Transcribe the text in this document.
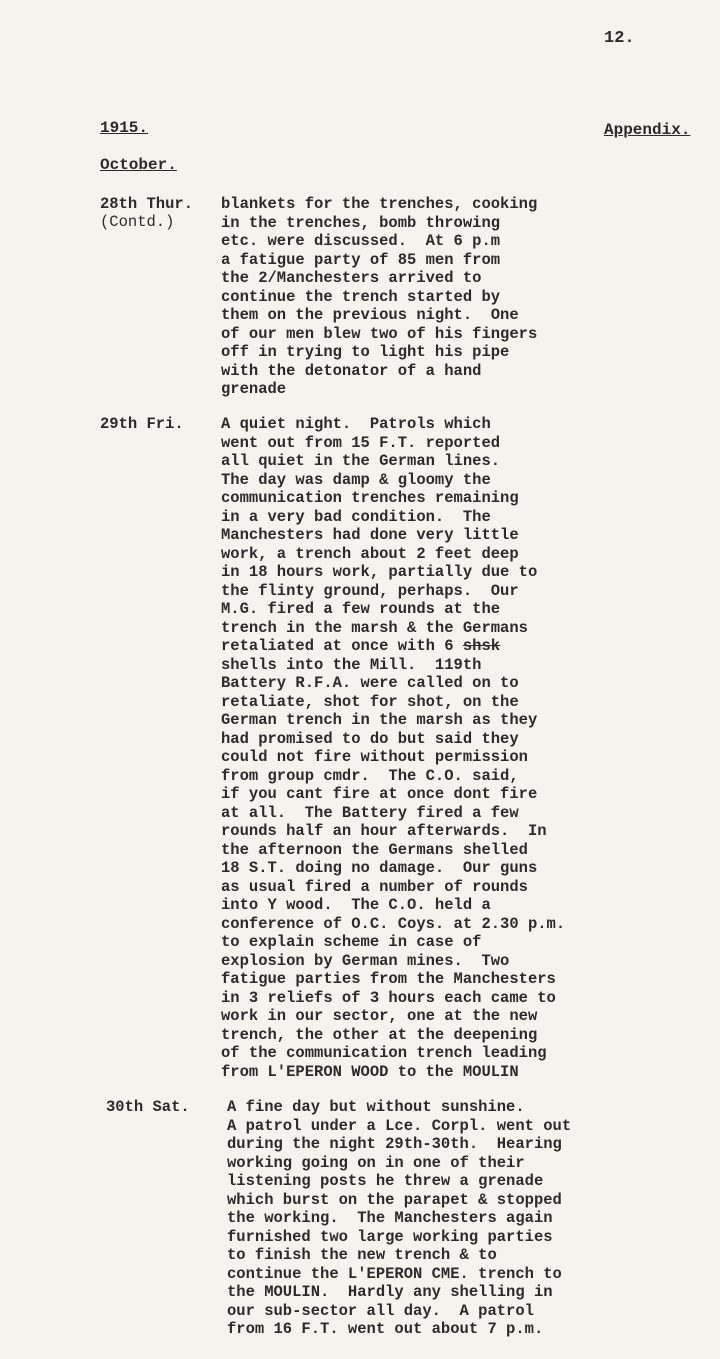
12.
1915.	Appendix.
October.
28th Thur.
(Contd.)
blankets for the trenches, cooking
in the trenches, bomb throwing
etc. were discussed.  At 6 p.m
a fatigue party of 85 men from
the 2/Manchesters arrived to
continue the trench started by
them on the previous night.  One
of our men blew two of his fingers
off in trying to light his pipe
with the detonator of a hand
grenade
29th Fri. A quiet night.  Patrols which
went out from 15 F.T. reported
all quiet in the German lines.
The day was damp & gloomy the
communication trenches remaining
in a very bad condition.  The
Manchesters had done very little
work, a trench about 2 feet deep
in 18 hours work, partially due to
the flinty ground, perhaps.  Our
M.G. fired a few rounds at the
trench in the marsh & the Germans
retaliated at once with 6 shsk
shells into the Mill.  119th
Battery R.F.A. were called on to
retaliate, shot for shot, on the
German trench in the marsh as they
had promised to do but said they
could not fire without permission
from group cmdr.  The C.O. said,
if you cant fire at once dont fire
at all.  The Battery fired a few
rounds half an hour afterwards.  In
the afternoon the Germans shelled
18 S.T. doing no damage.  Our guns
as usual fired a number of rounds
into Y wood.  The C.O. held a
conference of O.C. Coys. at 2.30 p.m.
to explain scheme in case of
explosion by German mines.  Two
fatigue parties from the Manchesters
in 3 reliefs of 3 hours each came to
work in our sector, one at the new
trench, the other at the deepening
of the communication trench leading
from L'EPERON WOOD to the MOULIN
30th Sat. A fine day but without sunshine.
A patrol under a Lce. Corpl. went out
during the night 29th-30th.  Hearing
working going on in one of their
listening posts he threw a grenade
which burst on the parapet & stopped
the working.  The Manchesters again
furnished two large working parties
to finish the new trench & to
continue the L'EPERON CME. trench to
the MOULIN.  Hardly any shelling in
our sub-sector all day.  A patrol
from 16 F.T. went out about 7 p.m.
